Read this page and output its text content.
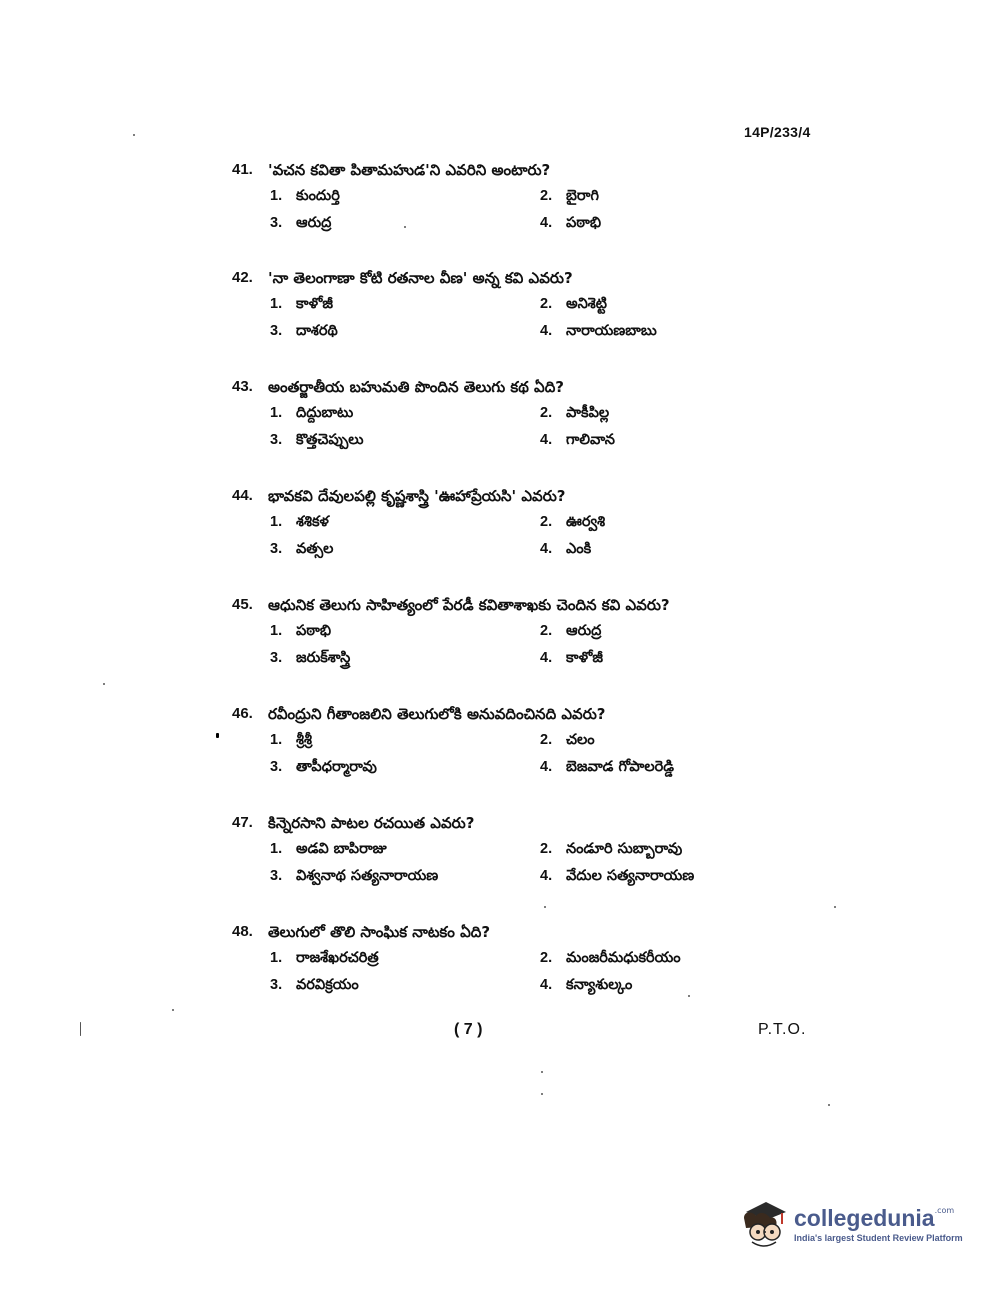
14P/233/4
41.	'వచన కవితా పితామహుడ'ని ఎవరిని అంటారు?
1. కుందుర్తి	2. బైరాగి
3. ఆరుద్ర	4. పఠాభి
42.	'నా తెలంగాణా కోటి రతనాల వీణ' అన్న కవి ఎవరు?
1. కాళోజీ	2. అనిశెట్టి
3. దాశరథి	4. నారాయణబాబు
43.	అంతర్జాతీయ బహుమతి పొందిన తెలుగు కథ ఏది?
1. దిద్దుబాటు	2. పాకీపిల్ల
3. కొత్తచెప్పులు	4. గాలివాన
44.	భావకవి దేవులపల్లి కృష్ణశాస్త్రి 'ఊహాప్రేయసి' ఎవరు?
1. శశికళ	2. ఊర్వశి
3. వత్సల	4. ఎంకి
45.	ఆధునిక తెలుగు సాహిత్యంలో పేరడీ కవితాశాఖకు చెందిన కవి ఎవరు?
1. పఠాభి	2. ఆరుద్ర
3. జరుక్‌శాస్త్రి	4. కాళోజీ
46.	రవీంద్రుని గీతాంజలిని తెలుగులోకి అనువదించినది ఎవరు?
1. శ్రీశ్రీ	2. చలం
3. తాపీధర్మారావు	4. బెజవాడ గోపాలరెడ్డి
47.	కిన్నెరసాని పాటల రచయిత ఎవరు?
1. అడవి బాపిరాజు	2. నండూరి సుబ్బారావు
3. విశ్వనాథ సత్యనారాయణ	4. వేదుల సత్యనారాయణ
48.	తెలుగులో తొలి సాంఘిక నాటకం ఏది?
1. రాజశేఖరచరిత్ర	2. మంజరీమధుకరీయం
3. వరవిక్రయం	4. కన్యాశుల్కం
( 7 )	P.T.O.
collegedunia$^{.com}$
India's largest Student Review Platform
